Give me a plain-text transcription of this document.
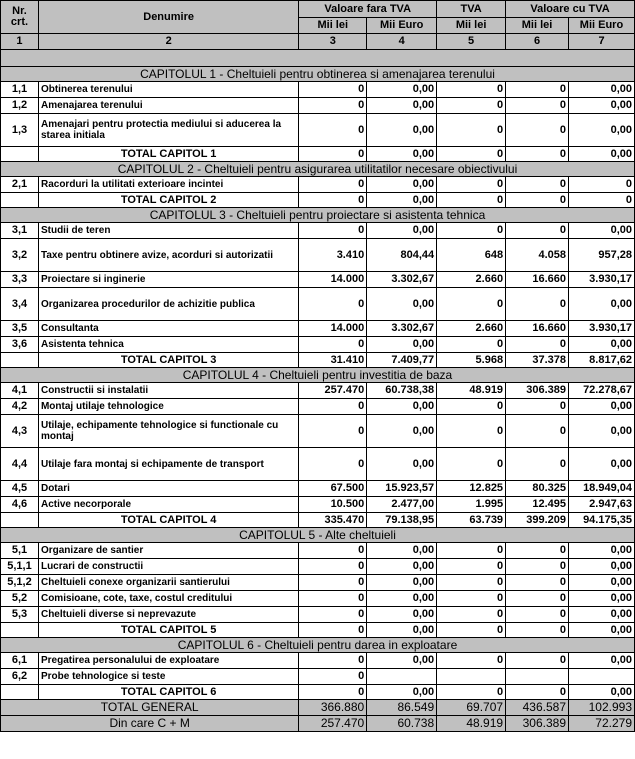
Nr. crt.	Denumire	Valoare fara TVA		TVA	Valoare cu TVA	
		Mii lei	Mii Euro	Mii lei	Mii lei	Mii Euro
1	2	3	4	5	6	7

CAPITOLUL 1 - Cheltuieli pentru obtinerea si amenajarea terenului						
1,1	Obtinerea terenului	0	0,00	0	0	0,00
1,2	Amenajarea terenului	0	0,00	0	0	0,00
1,3	Amenajari pentru protectia mediului si aducerea la starea initiala	0	0,00	0	0	0,00
	TOTAL CAPITOL 1	0	0,00	0	0	0,00
CAPITOLUL 2 - Cheltuieli pentru asigurarea utilitatilor necesare obiectivului						
2,1	Racorduri la utilitati exterioare incintei	0	0,00	0	0	0
	TOTAL CAPITOL 2	0	0,00	0	0	0
CAPITOLUL 3 - Cheltuieli pentru proiectare si asistenta tehnica						
3,1	Studii de teren	0	0,00	0	0	0,00
3,2	Taxe pentru obtinere avize, acorduri si autorizatii	3.410	804,44	648	4.058	957,28
3,3	Proiectare si inginerie	14.000	3.302,67	2.660	16.660	3.930,17
3,4	Organizarea procedurilor de achizitie publica	0	0,00	0	0	0,00
3,5	Consultanta	14.000	3.302,67	2.660	16.660	3.930,17
3,6	Asistenta tehnica	0	0,00	0	0	0,00
	TOTAL CAPITOL 3	31.410	7.409,77	5.968	37.378	8.817,62
CAPITOLUL 4 - Cheltuieli pentru investitia de baza						
4,1	Constructii si instalatii	257.470	60.738,38	48.919	306.389	72.278,67
4,2	Montaj utilaje tehnologice	0	0,00	0	0	0,00
4,3	Utilaje, echipamente tehnologice si functionale cu montaj	0	0,00	0	0	0,00
4,4	Utilaje fara montaj si echipamente de transport	0	0,00	0	0	0,00
4,5	Dotari	67.500	15.923,57	12.825	80.325	18.949,04
4,6	Active necorporale	10.500	2.477,00	1.995	12.495	2.947,63
	TOTAL CAPITOL 4	335.470	79.138,95	63.739	399.209	94.175,35
CAPITOLUL 5 - Alte cheltuieli						
5,1	Organizare de santier	0	0,00	0	0	0,00
5,1,1	Lucrari de constructii	0	0,00	0	0	0,00
5,1,2	Cheltuieli conexe organizarii santierului	0	0,00	0	0	0,00
5,2	Comisioane, cote, taxe, costul creditului	0	0,00	0	0	0,00
5,3	Cheltuieli diverse si neprevazute	0	0,00	0	0	0,00
	TOTAL CAPITOL 5	0	0,00	0	0	0,00
CAPITOLUL 6 - Cheltuieli pentru darea in exploatare						
6,1	Pregatirea personalului de exploatare	0	0,00	0	0	0,00
6,2	Probe tehnologice si teste	0				
	TOTAL CAPITOL 6	0	0,00	0	0	0,00
TOTAL GENERAL		366.880	86.549	69.707	436.587	102.993
Din care C + M		257.470	60.738	48.919	306.389	72.279
